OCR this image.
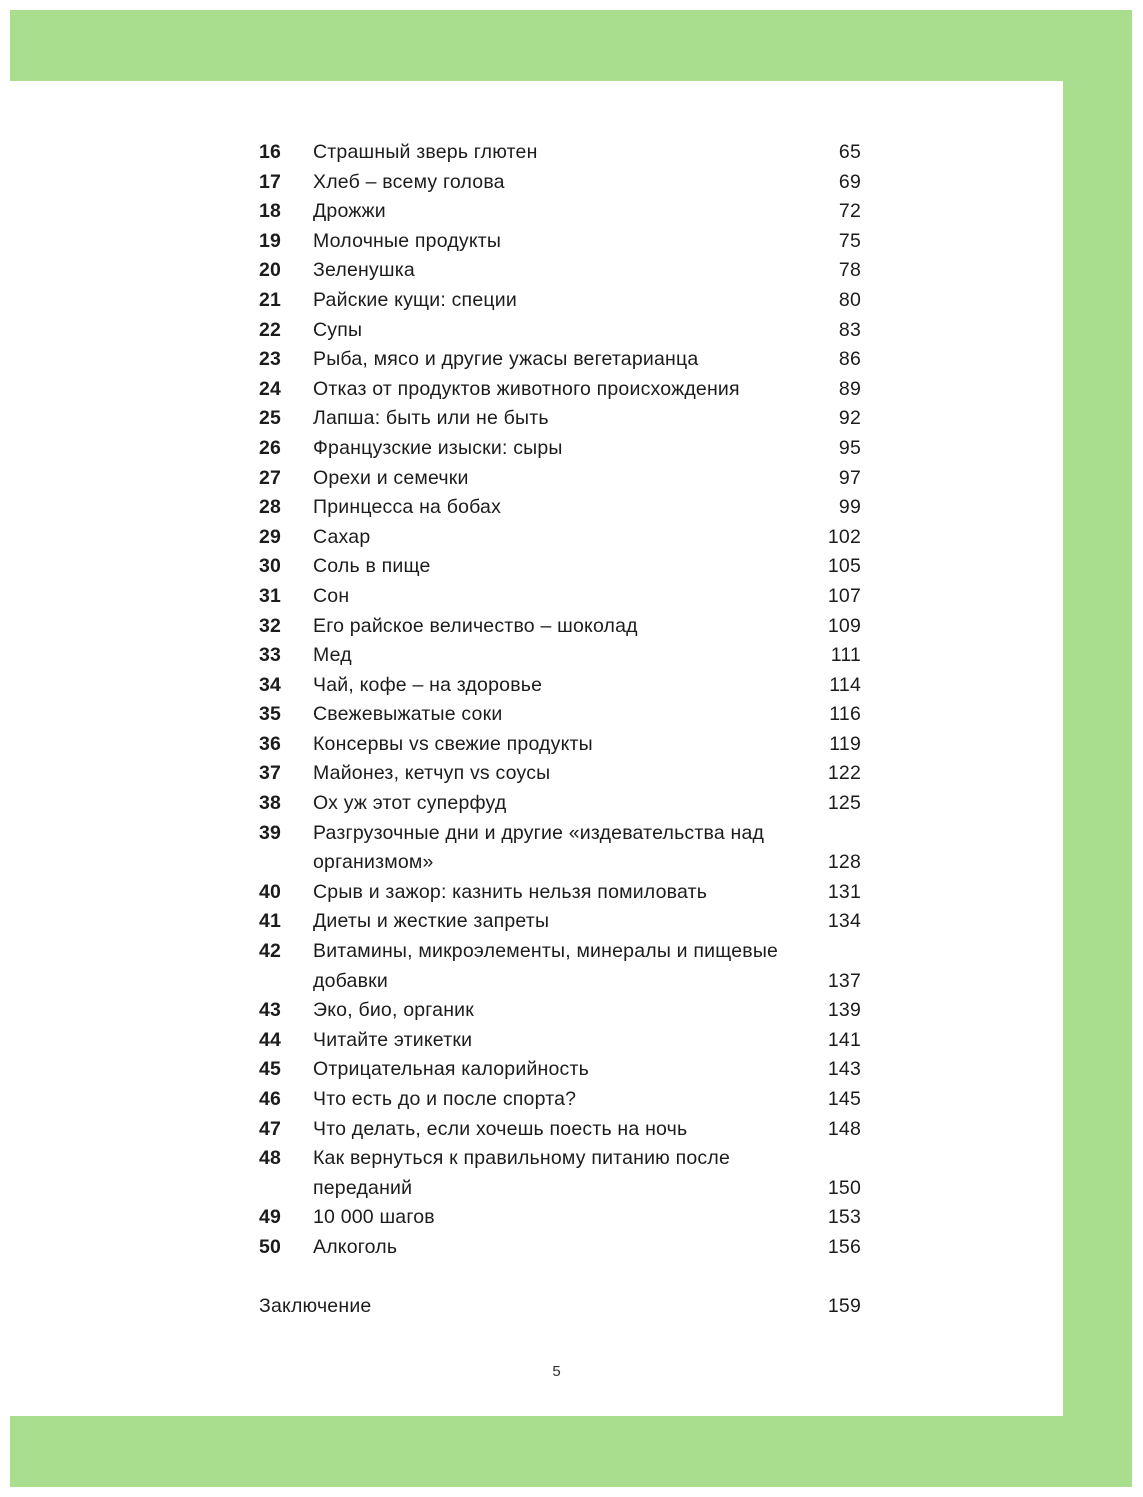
16 Страшный зверь глютен	65
17 Хлеб – всему голова	69
18 Дрожжи	72
19 Молочные продукты	75
20 Зеленушка	78
21 Райские кущи: специи	80
22 Супы	83
23 Рыба, мясо и другие ужасы вегетарианца	86
24 Отказ от продуктов животного происхождения	89
25 Лапша: быть или не быть	92
26 Французские изыски: сыры	95
27 Орехи и семечки	97
28 Принцесса на бобах	99
29 Сахар	102
30 Соль в пище	105
31 Сон	107
32 Его райское величество – шоколад	109
33 Мед	111
34 Чай, кофе – на здоровье	114
35 Свежевыжатые соки	116
36 Консервы vs свежие продукты	119
37 Майонез, кетчуп vs соусы	122
38 Ох уж этот суперфуд	125
39 Разгрузочные дни и другие «издевательства над организмом»	128
40 Срыв и зажор: казнить нельзя помиловать	131
41 Диеты и жесткие запреты	134
42 Витамины, микроэлементы, минералы и пищевые добавки	137
43 Эко, био, органик	139
44 Читайте этикетки	141
45 Отрицательная калорийность	143
46 Что есть до и после спорта?	145
47 Что делать, если хочешь поесть на ночь	148
48 Как вернуться к правильному питанию после переданий	150
49 10 000 шагов	153
50 Алкоголь	156
Заключение	159
5
